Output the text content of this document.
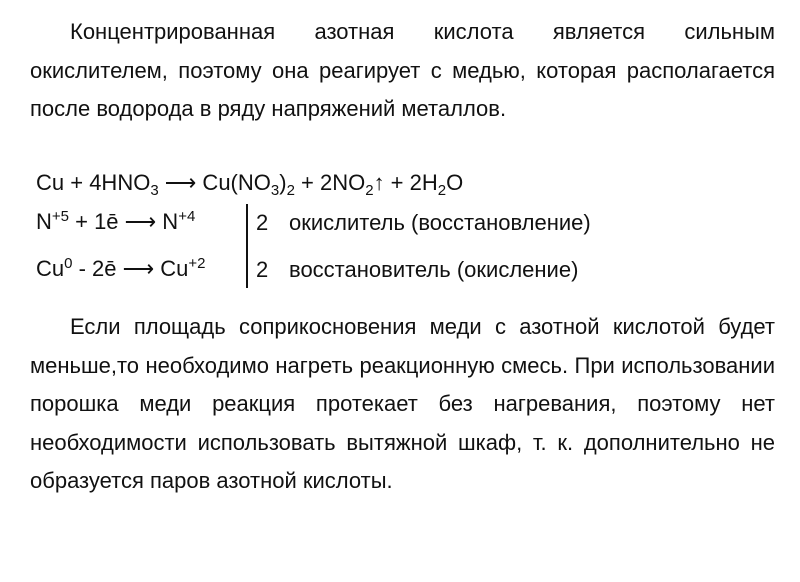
Концентрированная азотная кислота является сильным окислителем, поэтому она реагирует с медью, которая располагается после водорода в ряду напряжений металлов.
$Cu + 4HNO_3$ ⟶ $Cu(NO_3)_2$ + $2NO_2↑ + 2H_2O$
$N^{+5}$ + 1ē ⟶ $N^{+4}$
Cu$^0$ - 2ē ⟶ $Cu^{+2}$
2 окислитель (восстановление)
2 восстановитель (окисление)
Если площадь соприкосновения меди с азотной кислотой будет меньше,то необходимо нагреть реакционную смесь. При использовании порошка меди реакция протекает без нагревания, поэтому нет необходимости использовать вытяжной шкаф, т. к. дополнительно не образуется паров азотной кислоты.
